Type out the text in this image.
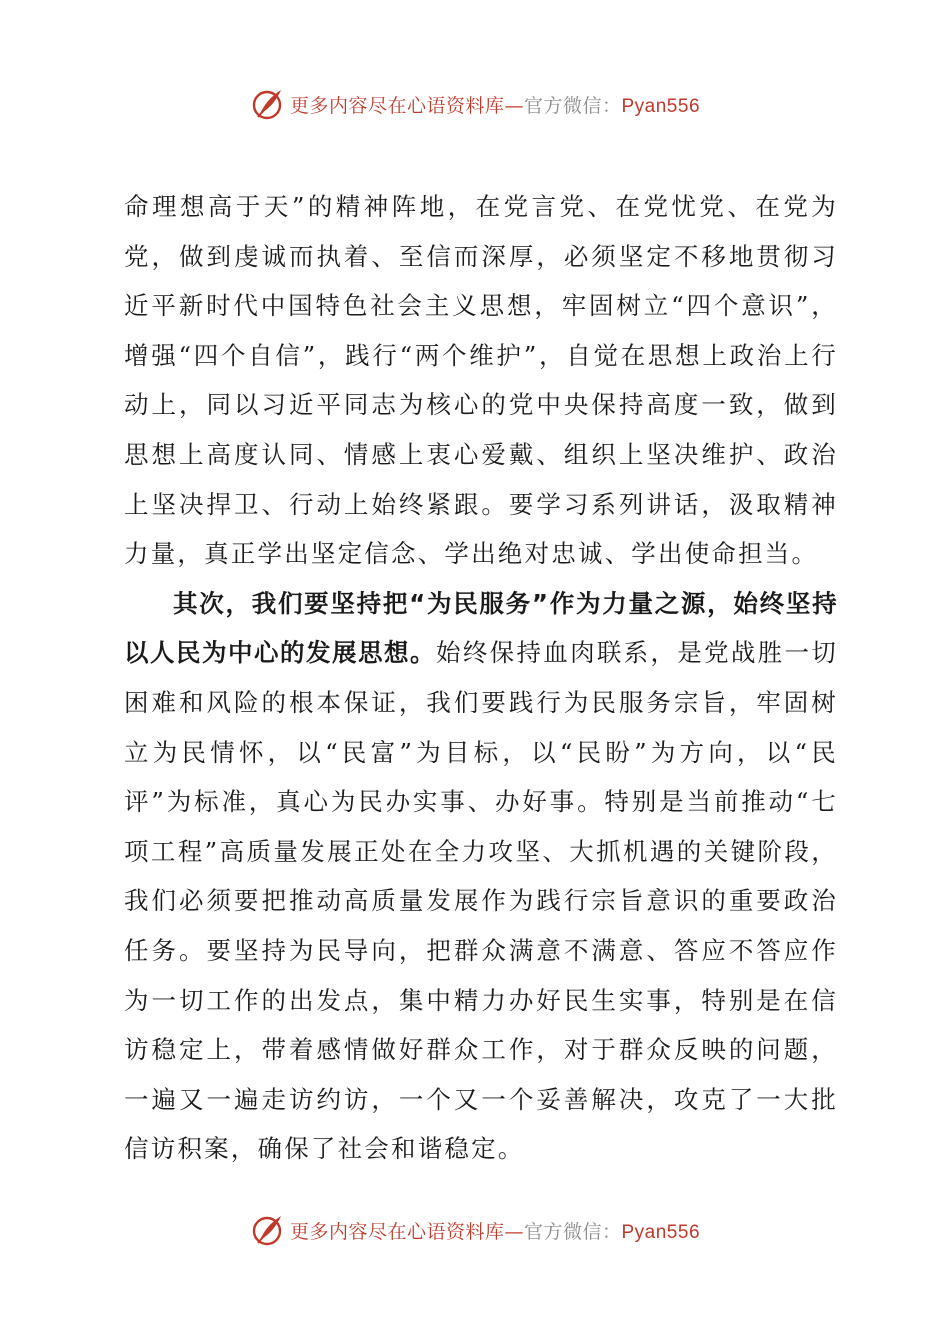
更多内容尽在心语资料库—官方微信：Pyan556

命理想高于天”的精神阵地，在党言党、在党忧党、在党为党，做到虔诚而执着、至信而深厚，必须坚定不移地贯彻习近平新时代中国特色社会主义思想，牢固树立“四个意识”，增强“四个自信”，践行“两个维护”，自觉在思想上政治上行动上，同以习近平同志为核心的党中央保持高度一致，做到思想上高度认同、情感上衷心爱戴、组织上坚决维护、政治上坚决捍卫、行动上始终紧跟。要学习系列讲话，汲取精神力量，真正学出坚定信念、学出绝对忠诚、学出使命担当。

其次，我们要坚持把“为民服务”作为力量之源，始终坚持以人民为中心的发展思想。始终保持血肉联系，是党战胜一切困难和风险的根本保证，我们要践行为民服务宗旨，牢固树立为民情怀，以“民富”为目标，以“民盼”为方向，以“民评”为标准，真心为民办实事、办好事。特别是当前推动“七项工程”高质量发展正处在全力攻坚、大抓机遇的关键阶段，我们必须要把推动高质量发展作为践行宗旨意识的重要政治任务。要坚持为民导向，把群众满意不满意、答应不答应作为一切工作的出发点，集中精力办好民生实事，特别是在信访稳定上，带着感情做好群众工作，对于群众反映的问题，一遍又一遍走访约访，一个又一个妥善解决，攻克了一大批信访积案，确保了社会和谐稳定。

更多内容尽在心语资料库—官方微信：Pyan556
